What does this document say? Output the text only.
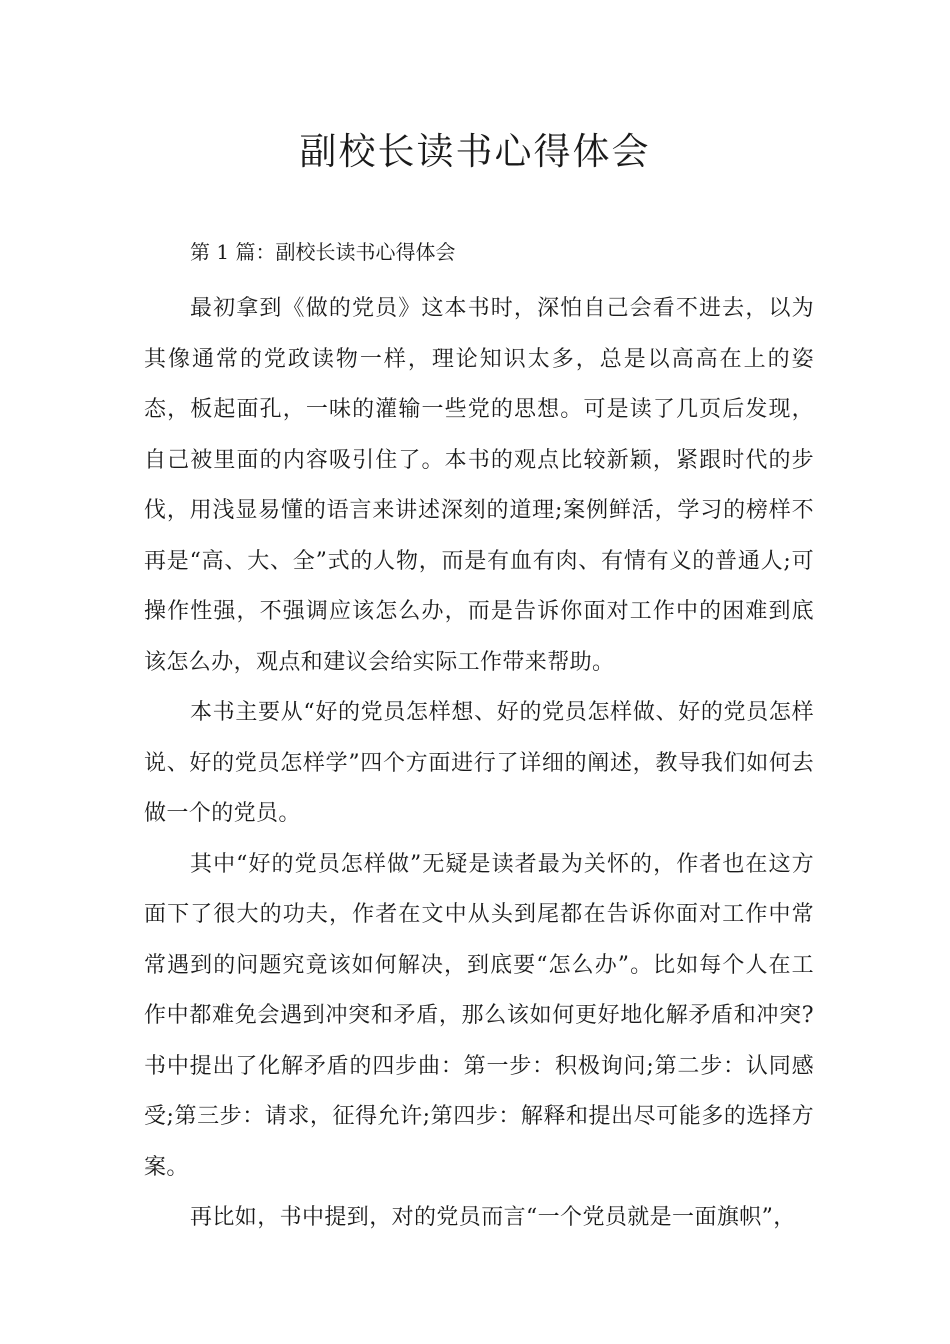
副校长读书心得体会

第 1 篇：副校长读书心得体会

最初拿到《做的党员》这本书时，深怕自己会看不进去，以为其像通常的党政读物一样，理论知识太多，总是以高高在上的姿态，板起面孔，一味的灌输一些党的思想。可是读了几页后发现，自己被里面的内容吸引住了。本书的观点比较新颖，紧跟时代的步伐，用浅显易懂的语言来讲述深刻的道理;案例鲜活，学习的榜样不再是“高、大、全”式的人物，而是有血有肉、有情有义的普通人;可操作性强，不强调应该怎么办，而是告诉你面对工作中的困难到底该怎么办，观点和建议会给实际工作带来帮助。

本书主要从“好的党员怎样想、好的党员怎样做、好的党员怎样说、好的党员怎样学”四个方面进行了详细的阐述，教导我们如何去做一个的党员。

其中“好的党员怎样做”无疑是读者最为关怀的，作者也在这方面下了很大的功夫，作者在文中从头到尾都在告诉你面对工作中常常遇到的问题究竟该如何解决，到底要“怎么办”。比如每个人在工作中都难免会遇到冲突和矛盾，那么该如何更好地化解矛盾和冲突?书中提出了化解矛盾的四步曲：第一步：积极询问;第二步：认同感受;第三步：请求，征得允许;第四步：解释和提出尽可能多的选择方案。

再比如，书中提到，对的党员而言“一个党员就是一面旗帜”，
